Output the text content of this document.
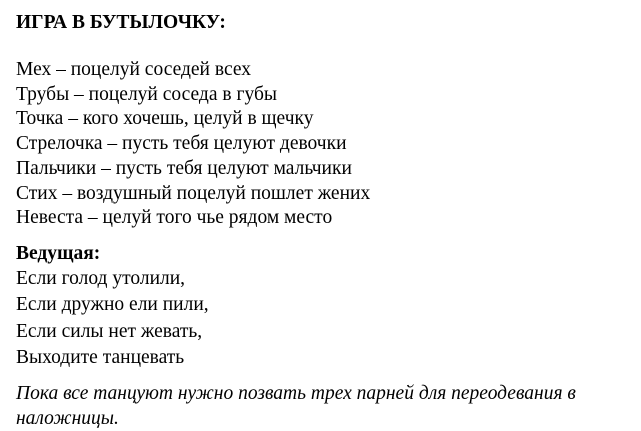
ИГРА В БУТЫЛОЧКУ:
Мех – поцелуй соседей всех
Трубы – поцелуй соседа в губы
Точка – кого хочешь, целуй в щечку
Стрелочка – пусть тебя целуют девочки
Пальчики – пусть тебя целуют мальчики
Стих – воздушный поцелуй пошлет жених
Невеста – целуй того чье рядом место
Ведущая:
Если голод утолили,
Если дружно ели пили,
Если силы нет жевать,
Выходите танцевать
Пока все танцуют нужно позвать трех парней для переодевания в наложницы.
